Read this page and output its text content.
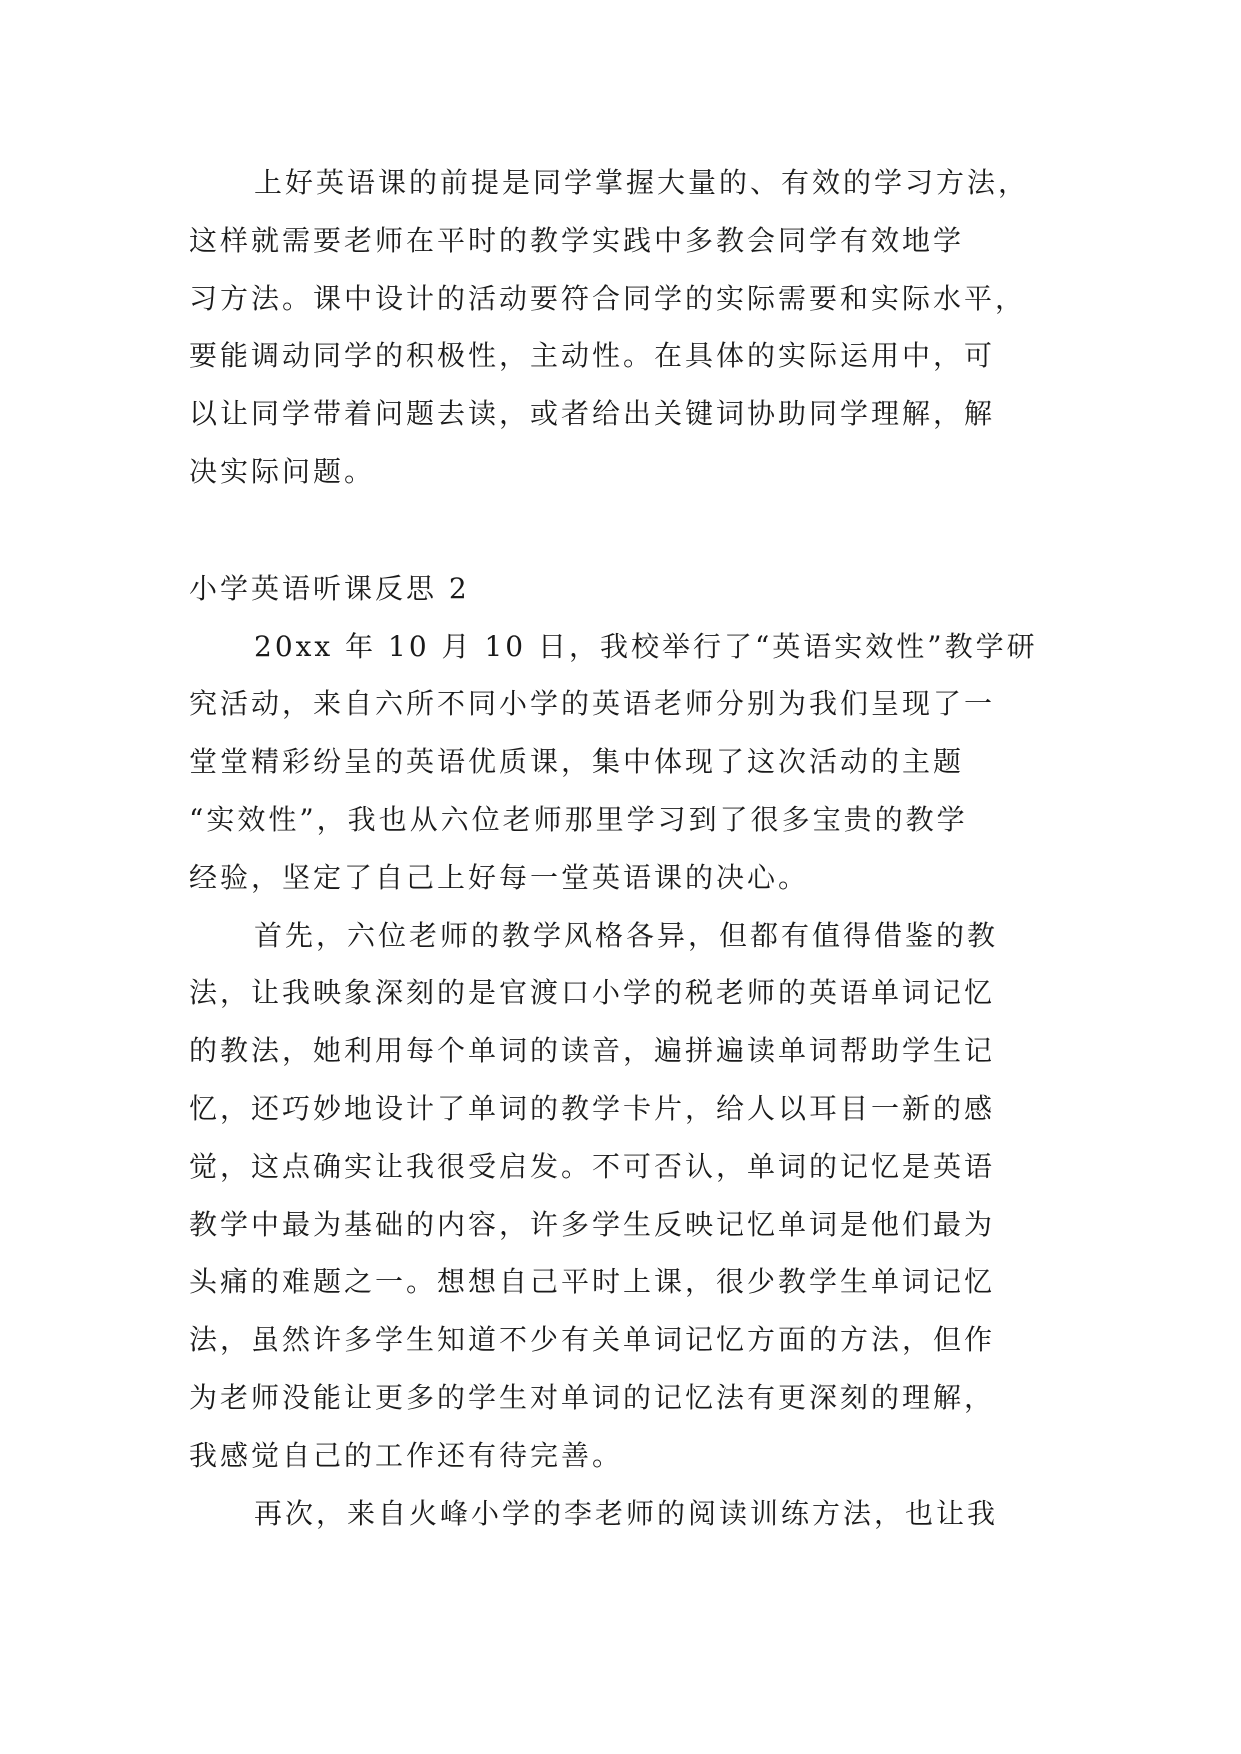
上好英语课的前提是同学掌握大量的、有效的学习方法，
这样就需要老师在平时的教学实践中多教会同学有效地学
习方法。课中设计的活动要符合同学的实际需要和实际水平，
要能调动同学的积极性，主动性。在具体的实际运用中，可
以让同学带着问题去读，或者给出关键词协助同学理解，解
决实际问题。
小学英语听课反思 2
20xx 年 10 月 10 日，我校举行了“英语实效性”教学研
究活动，来自六所不同小学的英语老师分别为我们呈现了一
堂堂精彩纷呈的英语优质课，集中体现了这次活动的主题
“实效性”，我也从六位老师那里学习到了很多宝贵的教学
经验，坚定了自己上好每一堂英语课的决心。
首先，六位老师的教学风格各异，但都有值得借鉴的教
法，让我映象深刻的是官渡口小学的税老师的英语单词记忆
的教法，她利用每个单词的读音，遍拼遍读单词帮助学生记
忆，还巧妙地设计了单词的教学卡片，给人以耳目一新的感
觉，这点确实让我很受启发。不可否认，单词的记忆是英语
教学中最为基础的内容，许多学生反映记忆单词是他们最为
头痛的难题之一。想想自己平时上课，很少教学生单词记忆
法，虽然许多学生知道不少有关单词记忆方面的方法，但作
为老师没能让更多的学生对单词的记忆法有更深刻的理解，
我感觉自己的工作还有待完善。
再次，来自火峰小学的李老师的阅读训练方法，也让我
